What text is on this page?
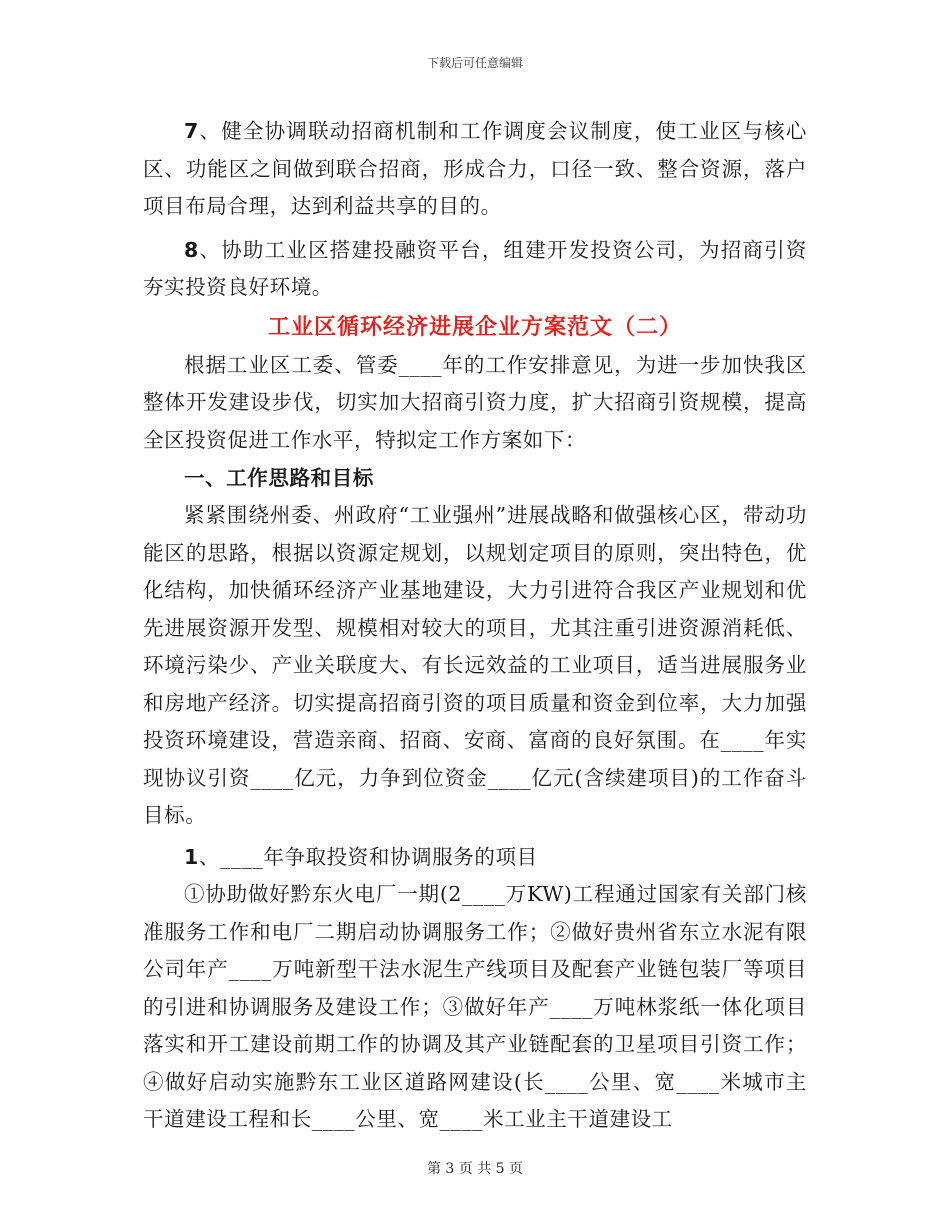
下载后可任意编辑

7、健全协调联动招商机制和工作调度会议制度，使工业区与核心区、功能区之间做到联合招商，形成合力，口径一致、整合资源，落户项目布局合理，达到利益共享的目的。

8、协助工业区搭建投融资平台，组建开发投资公司，为招商引资夯实投资良好环境。

工业区循环经济进展企业方案范文（二）

根据工业区工委、管委____年的工作安排意见，为进一步加快我区整体开发建设步伐，切实加大招商引资力度，扩大招商引资规模，提高全区投资促进工作水平，特拟定工作方案如下：

一、工作思路和目标

紧紧围绕州委、州政府“工业强州”进展战略和做强核心区，带动功能区的思路，根据以资源定规划，以规划定项目的原则，突出特色，优化结构，加快循环经济产业基地建设，大力引进符合我区产业规划和优先进展资源开发型、规模相对较大的项目，尤其注重引进资源消耗低、环境污染少、产业关联度大、有长远效益的工业项目，适当进展服务业和房地产经济。切实提高招商引资的项目质量和资金到位率，大力加强投资环境建设，营造亲商、招商、安商、富商的良好氛围。在____年实现协议引资____亿元，力争到位资金____亿元(含续建项目)的工作奋斗目标。

1、____年争取投资和协调服务的项目

①协助做好黔东火电厂一期(2____万KW)工程通过国家有关部门核准服务工作和电厂二期启动协调服务工作；②做好贵州省东立水泥有限公司年产____万吨新型干法水泥生产线项目及配套产业链包装厂等项目的引进和协调服务及建设工作；③做好年产____万吨林浆纸一体化项目落实和开工建设前期工作的协调及其产业链配套的卫星项目引资工作；④做好启动实施黔东工业区道路网建设(长____公里、宽____米城市主干道建设工程和长____公里、宽____米工业主干道建设工

第 3 页 共 5 页
